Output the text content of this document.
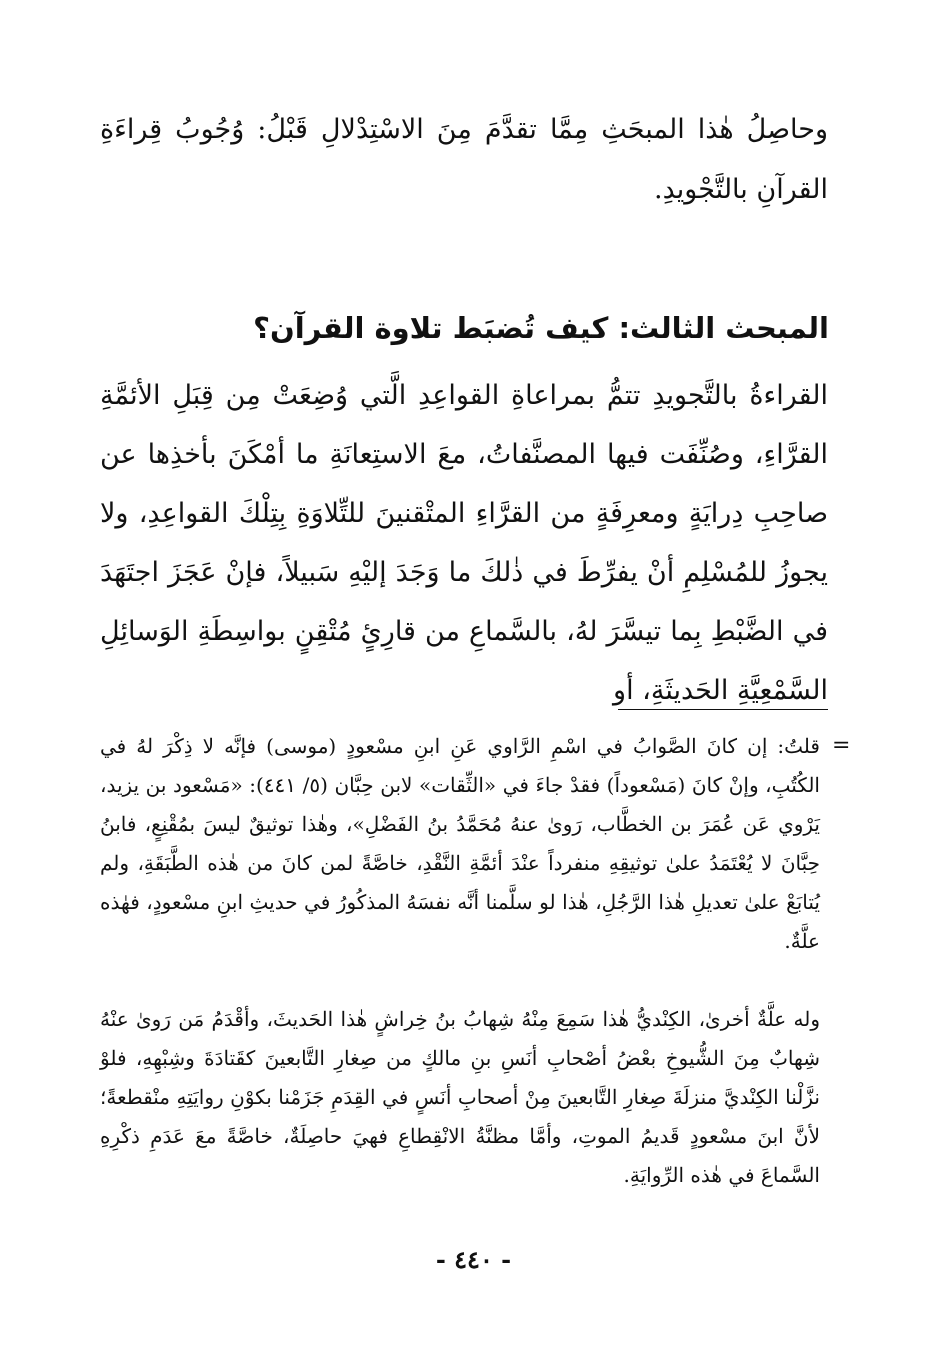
وحاصِلُ هٰذا المبحَثِ مِمَّا تقدَّمَ مِنَ الاسْتِدْلالِ قَبْلُ: وُجُوبُ قِراءَةِ القرآنِ بالتَّجْويدِ.

المبحث الثالث: كيف تُضبَط تلاوة القرآن؟

القراءةُ بالتَّجويدِ تتمُّ بمراعاةِ القواعِدِ الَّتي وُضِعَتْ مِن قِبَلِ الأئمَّةِ القرَّاءِ، وصُنِّفَت فيها المصنَّفاتُ، معَ الاستِعانَةِ ما أمْكَنَ بأخذِها عن صاحِبِ دِرايَةٍ ومعرِفَةٍ من القرَّاءِ المتْقنينَ للتِّلاوَةِ بِتِلْكَ القواعِدِ، ولا يجوزُ للمُسْلِمِ أنْ يفرِّطَ في ذٰلكَ ما وَجَدَ إليْهِ سَبيلاً، فإنْ عَجَزَ اجتَهَدَ في الضَّبْطِ بِما تيسَّرَ لهُ، بالسَّماعِ من قارِئٍ مُتْقِنٍ بواسِطَةِ الوَسائِلِ السَّمْعِيَّةِ الحَديثَةِ، أو

=

قلتُ: إن كانَ الصَّوابُ في اسْمِ الرَّاوي عَنِ ابنِ مسْعودٍ (موسى) فإنَّه لا ذِكْرَ لهُ في الكُتُبِ، وإنْ كانَ (مَسْعوداً) فقدْ جاءَ في «الثِّقات» لابن حِبَّان (٥/ ٤٤١): «مَسْعود بن يزيد، يَرْوي عَن عُمَرَ بن الخطَّاب، رَوىٰ عنهُ مُحَمَّدُ بنُ الفَضْلِ»، وهٰذا توثيقٌ ليسَ بمُقْنِعٍ، فابنُ حِبَّانَ لا يُعْتَمَدُ علىٰ توثيقِهِ منفرداً عنْدَ أئمَّةِ النَّقْدِ، خاصَّةً لمن كانَ من هٰذه الطَّبَقَةِ، ولم يُتابَعْ علىٰ تعديلِ هٰذا الرَّجُلِ، هٰذا لو سلَّمنا أنَّه نفسَهُ المذكُورُ في حديثِ ابنِ مسْعودٍ، فهٰذه علَّةٌ.

وله علَّةٌ أخرىٰ، الكِنْديُّ هٰذا سَمِعَ مِنْهُ شِهابُ بنُ خِراشٍ هٰذا الحَديثَ، وأقْدَمُ مَن رَوىٰ عنْهُ شِهابٌ مِنَ الشُّيوخِ بعْضُ أصْحابِ أنَسِ بنِ مالكٍ من صِغارِ التَّابعينَ كقَتادَةَ وشِبْهِهِ، فلوْ نزَّلْنا الكِنْديَّ منزلَةَ صِغارِ التَّابعينَ مِنْ أصحابِ أنَسٍ في القِدَمِ جَزَمْنا بكوْنِ روايَتِهِ منْقطعةً؛ لأنَّ ابنَ مسْعودٍ قَديمُ الموتِ، وأمَّا مظنَّةُ الانْقِطاعِ فهيَ حاصِلَةٌ، خاصَّةً معَ عَدَمِ ذكْرِهِ السَّماعَ في هٰذه الرِّوايَةِ.

- ٤٤٠ -
